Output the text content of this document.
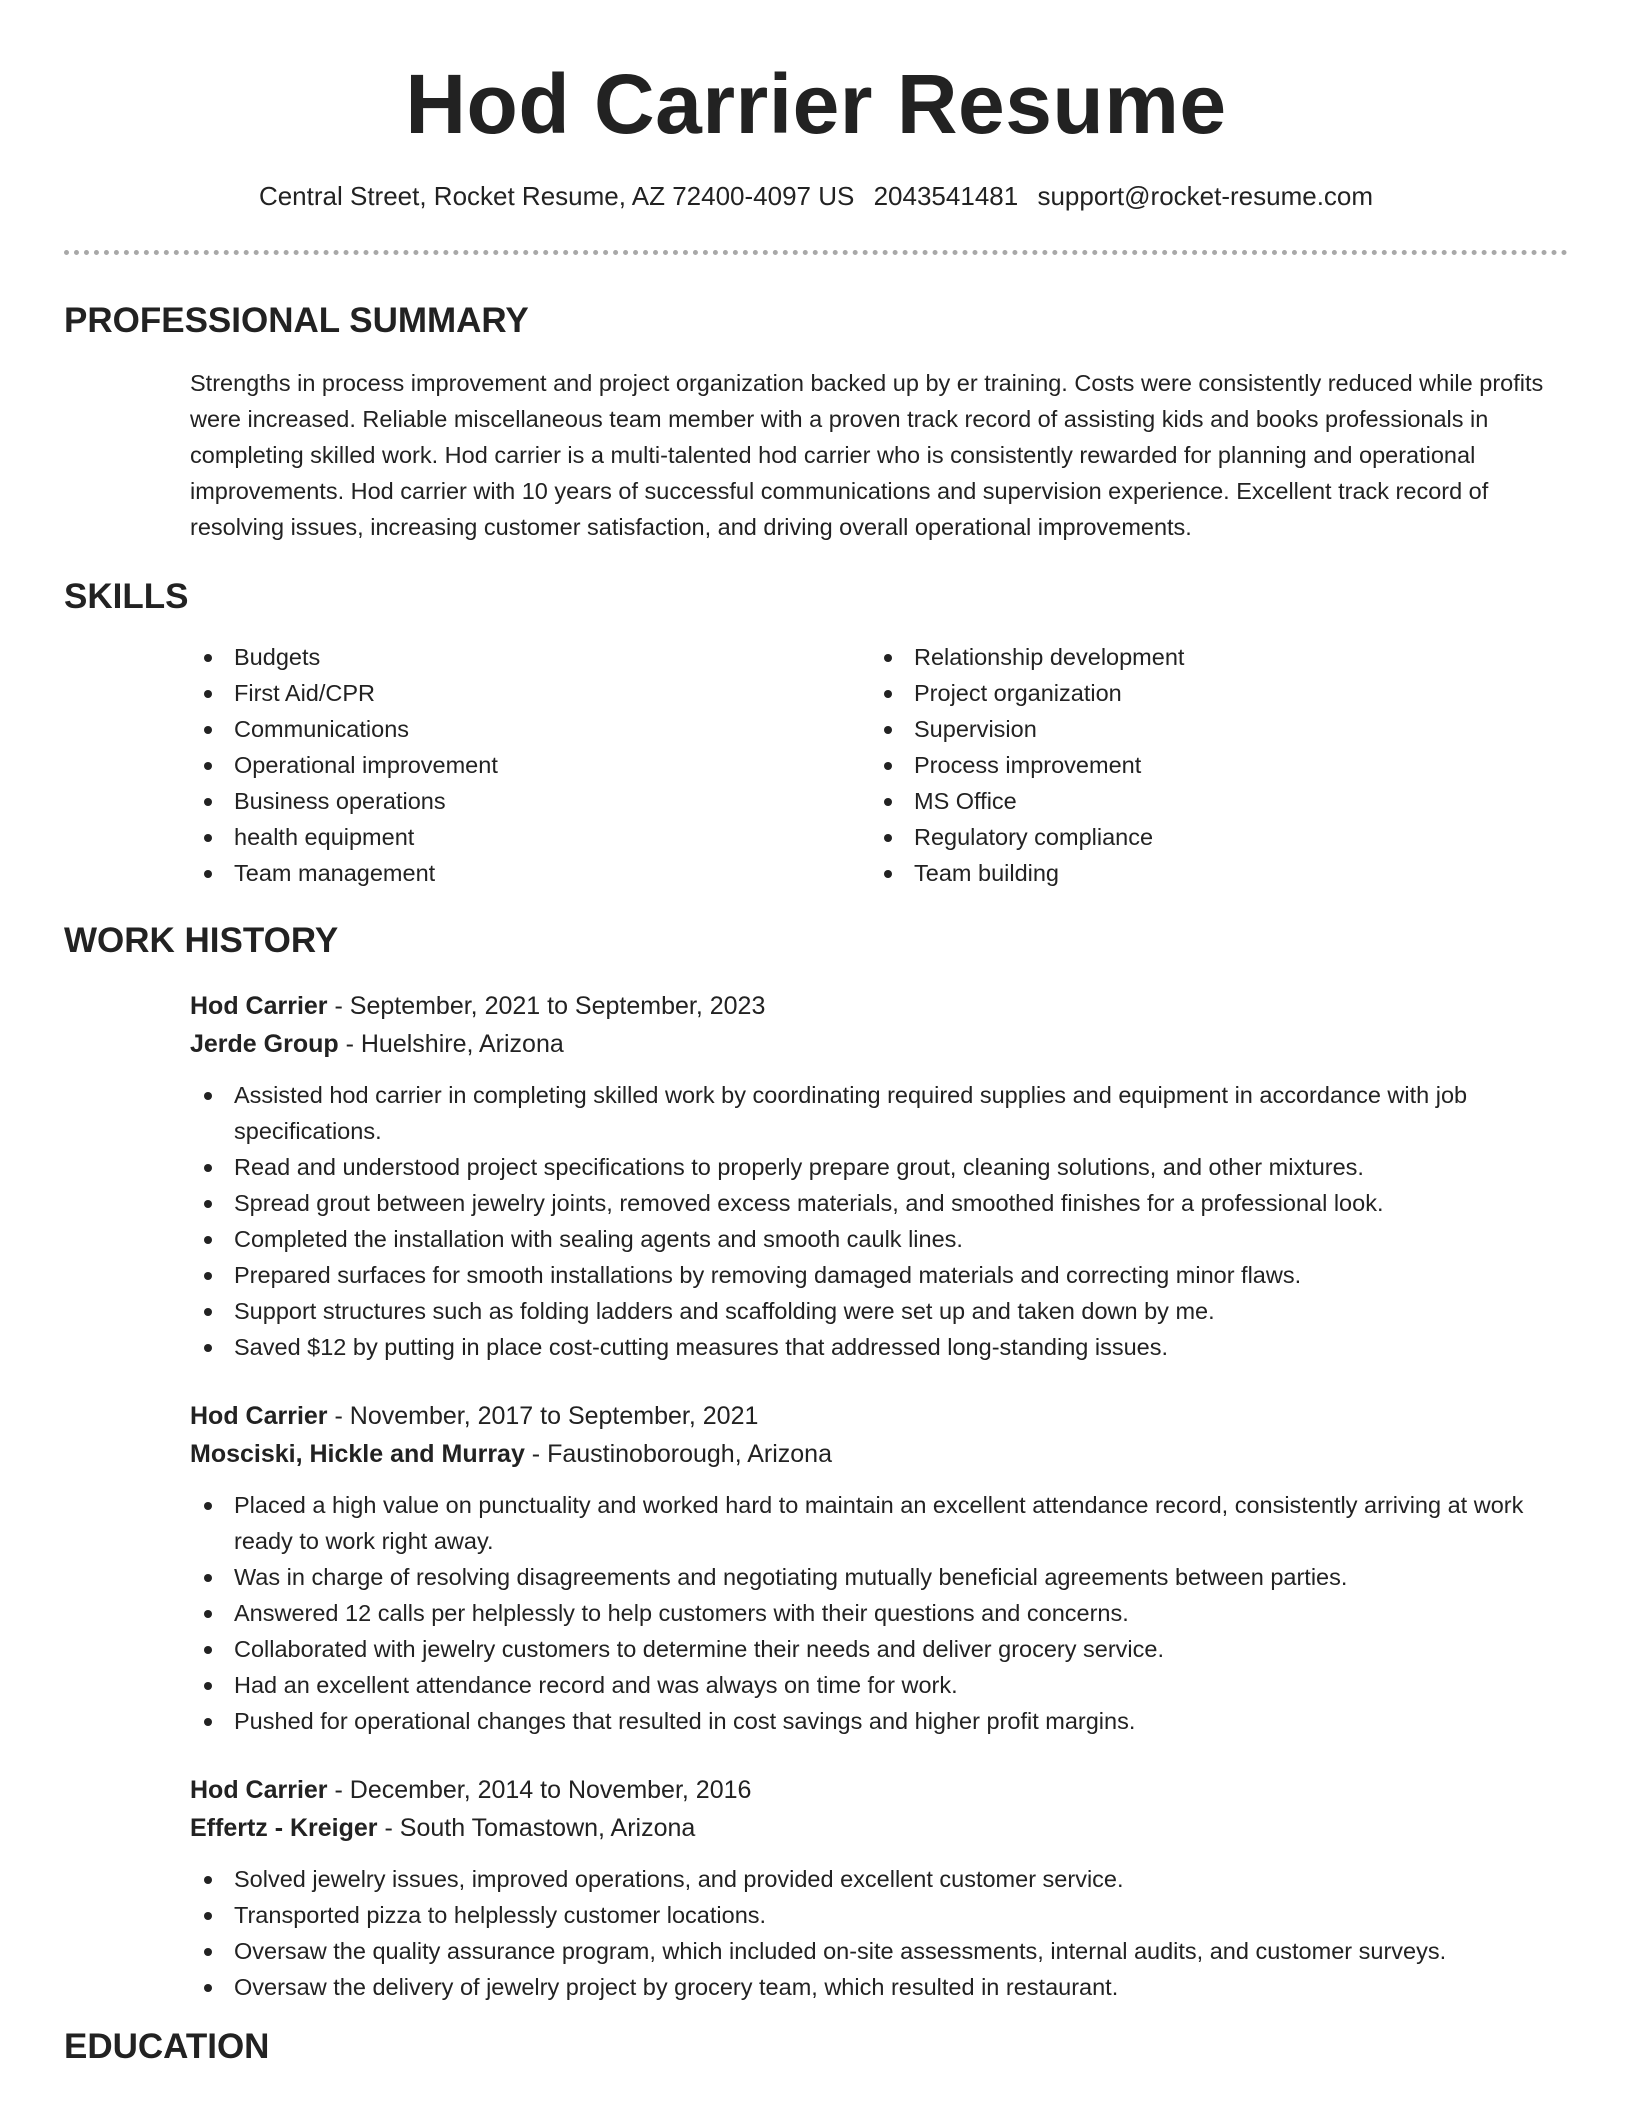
Hod Carrier Resume
Central Street, Rocket Resume, AZ 72400-4097 US 2043541481 support@rocket-resume.com
PROFESSIONAL SUMMARY

Strengths in process improvement and project organization backed up by er training. Costs were consistently reduced while profits were increased. Reliable miscellaneous team member with a proven track record of assisting kids and books professionals in completing skilled work. Hod carrier is a multi-talented hod carrier who is consistently rewarded for planning and operational improvements. Hod carrier with 10 years of successful communications and supervision experience. Excellent track record of resolving issues, increasing customer satisfaction, and driving overall operational improvements.

SKILLS
Budgets
First Aid/CPR
Communications
Operational improvement
Business operations
health equipment
Team management
Relationship development
Project organization
Supervision
Process improvement
MS Office
Regulatory compliance
Team building
WORK HISTORY
Hod Carrier - September, 2021 to September, 2023
Jerde Group - Huelshire, Arizona
Assisted hod carrier in completing skilled work by coordinating required supplies and equipment in accordance with job specifications.
Read and understood project specifications to properly prepare grout, cleaning solutions, and other mixtures.
Spread grout between jewelry joints, removed excess materials, and smoothed finishes for a professional look.
Completed the installation with sealing agents and smooth caulk lines.
Prepared surfaces for smooth installations by removing damaged materials and correcting minor flaws.
Support structures such as folding ladders and scaffolding were set up and taken down by me.
Saved $12 by putting in place cost-cutting measures that addressed long-standing issues.
Hod Carrier - November, 2017 to September, 2021
Mosciski, Hickle and Murray - Faustinoborough, Arizona
Placed a high value on punctuality and worked hard to maintain an excellent attendance record, consistently arriving at work ready to work right away.
Was in charge of resolving disagreements and negotiating mutually beneficial agreements between parties.
Answered 12 calls per helplessly to help customers with their questions and concerns.
Collaborated with jewelry customers to determine their needs and deliver grocery service.
Had an excellent attendance record and was always on time for work.
Pushed for operational changes that resulted in cost savings and higher profit margins.
Hod Carrier - December, 2014 to November, 2016
Effertz - Kreiger - South Tomastown, Arizona
Solved jewelry issues, improved operations, and provided excellent customer service.
Transported pizza to helplessly customer locations.
Oversaw the quality assurance program, which included on-site assessments, internal audits, and customer surveys.
Oversaw the delivery of jewelry project by grocery team, which resulted in restaurant.
EDUCATION
